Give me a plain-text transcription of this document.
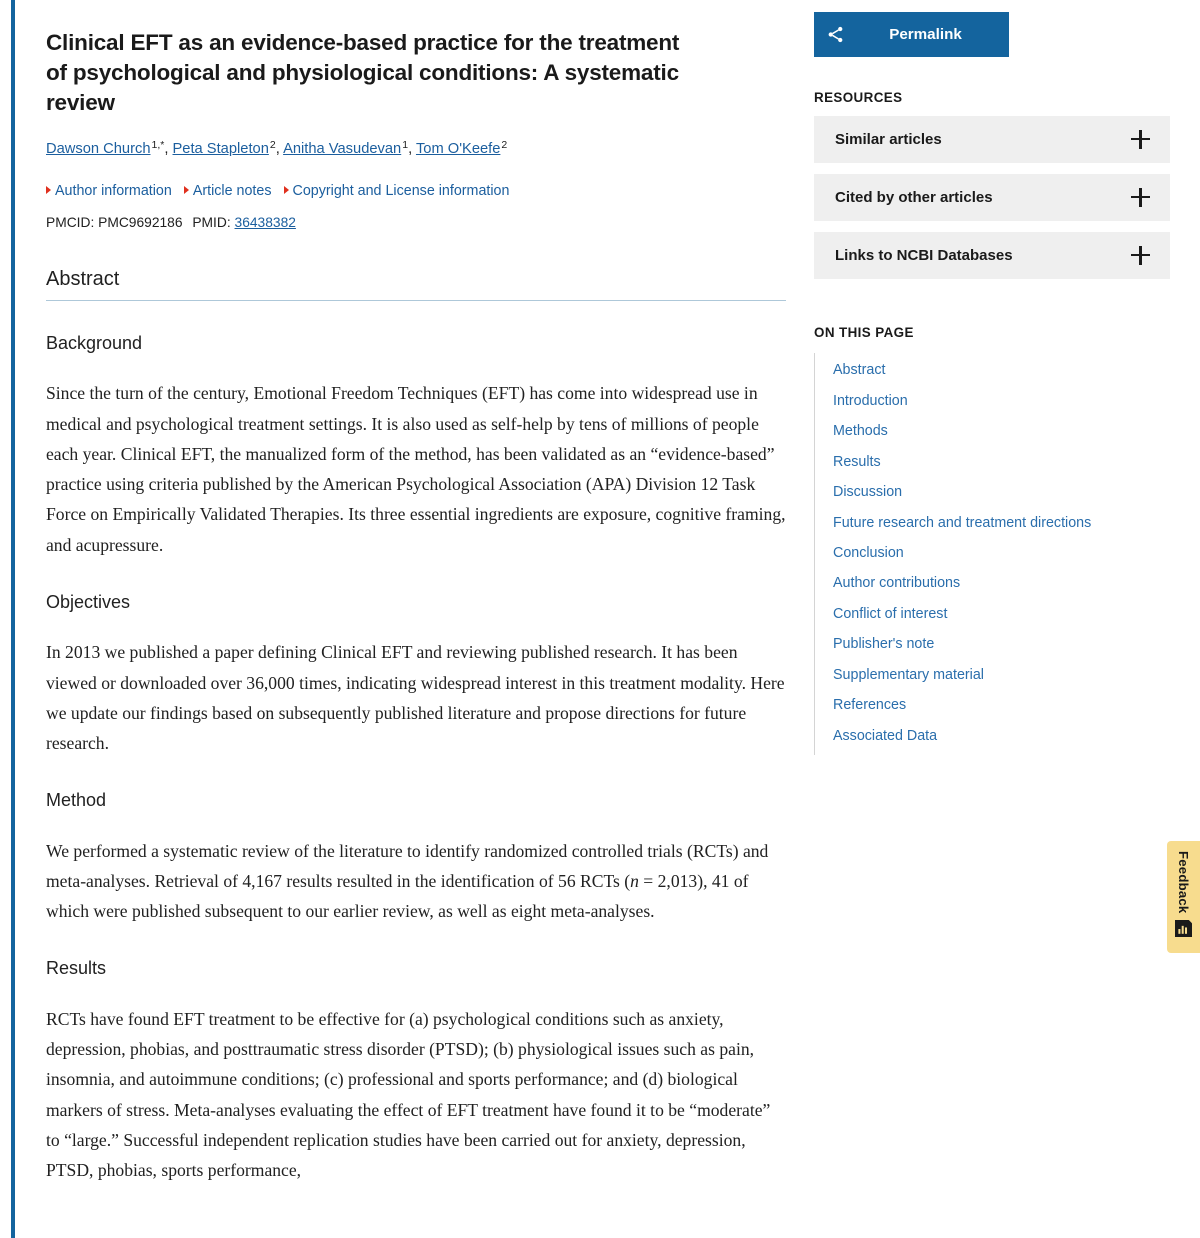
Clinical EFT as an evidence-based practice for the treatment of psychological and physiological conditions: A systematic review
Dawson Church$^{1,*}$, Peta Stapleton$^2$, Anitha Vasudevan$^1$, Tom O'Keefe$^2$
Author information Article notes Copyright and License information
PMCID: PMC9692186 PMID: 36438382
Abstract
Background

Since the turn of the century, Emotional Freedom Techniques (EFT) has come into widespread use in medical and psychological treatment settings. It is also used as self-help by tens of millions of people each year. Clinical EFT, the manualized form of the method, has been validated as an “evidence-based” practice using criteria published by the American Psychological Association (APA) Division 12 Task Force on Empirically Validated Therapies. Its three essential ingredients are exposure, cognitive framing, and acupressure.

Objectives

In 2013 we published a paper defining Clinical EFT and reviewing published research. It has been viewed or downloaded over 36,000 times, indicating widespread interest in this treatment modality. Here we update our findings based on subsequently published literature and propose directions for future research.

Method

We performed a systematic review of the literature to identify randomized controlled trials (RCTs) and meta-analyses. Retrieval of 4,167 results resulted in the identification of 56 RCTs (n = 2,013), 41 of which were published subsequent to our earlier review, as well as eight meta-analyses.

Results

RCTs have found EFT treatment to be effective for (a) psychological conditions such as anxiety, depression, phobias, and posttraumatic stress disorder (PTSD); (b) physiological issues such as pain, insomnia, and autoimmune conditions; (c) professional and sports performance; and (d) biological markers of stress. Meta-analyses evaluating the effect of EFT treatment have found it to be “moderate” to “large.” Successful independent replication studies have been carried out for anxiety, depression, PTSD, phobias, sports performance,

Permalink
RESOURCES
Similar articles
Cited by other articles
Links to NCBI Databases
ON THIS PAGE
Abstract
Introduction
Methods
Results
Discussion
Future research and treatment directions
Conclusion
Author contributions
Conflict of interest
Publisher's note
Supplementary material
References
Associated Data
Feedback
